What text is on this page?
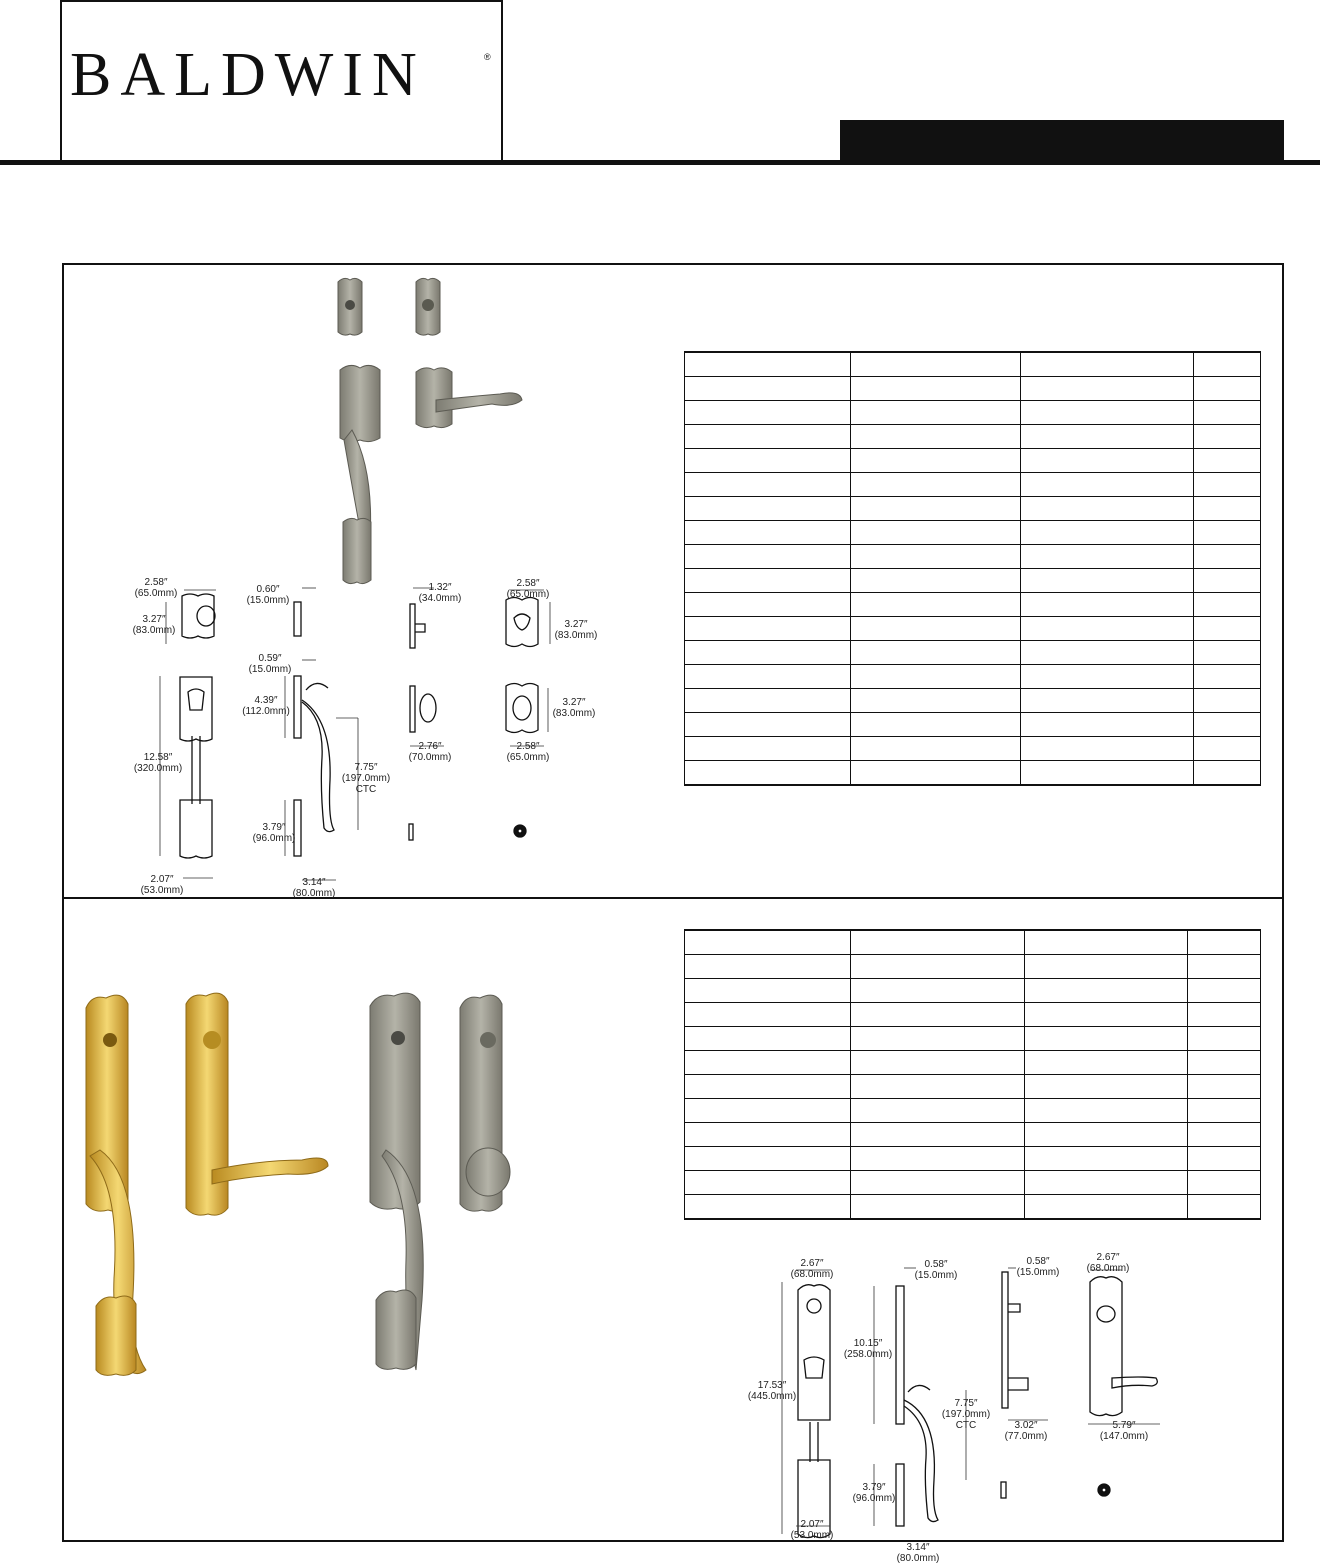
BALDWIN	®

2.58″
(65.0mm)
3.27″
(83.0mm)
0.60″
(15.0mm)
1.32″
(34.0mm)
2.58″
(65.0mm)
3.27″
(83.0mm)
0.59″
(15.0mm)
4.39″
(112.0mm)
3.27″
(83.0mm)
12.58″
(320.0mm)	7.75″
(197.0mm)
CTC
2.76″
(70.0mm)
2.58″
(65.0mm)
3.79″
(96.0mm)
2.07″
(53.0mm)
3.14″
(80.0mm)
2.67″
(68.0mm)
0.58″
(15.0mm)
0.58″
(15.0mm)
2.67″
(68.0mm)
10.15″
(258.0mm)
17.53″
(445.0mm)
7.75″
(197.0mm)
CTC	3.02″
(77.0mm)
5.79″
(147.0mm)
3.79″
(96.0mm)
2.07″
(53.0mm)
3.14″
(80.0mm)
